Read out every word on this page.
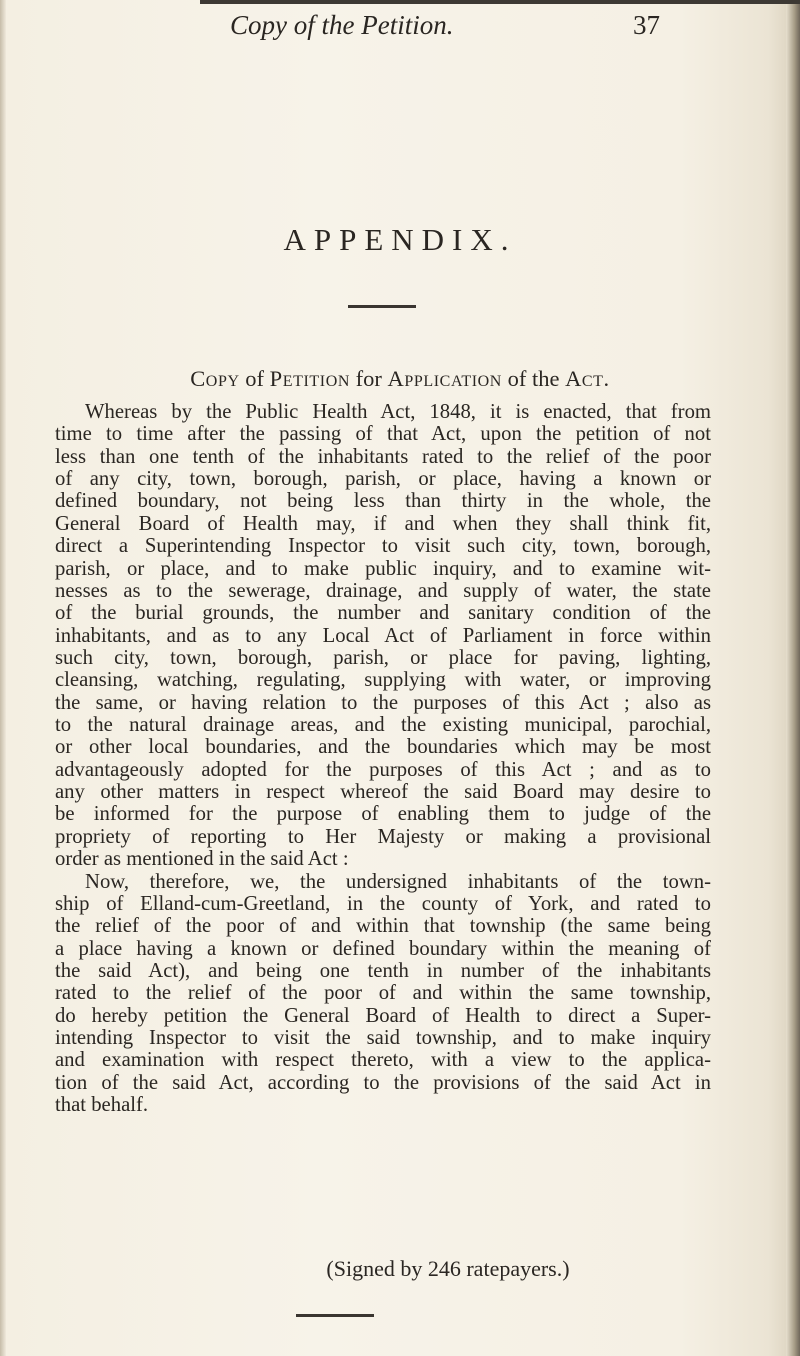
Copy of the Petition.	37
APPENDIX.
Copy of Petition for Application of the Act.
Whereas by the Public Health Act, 1848, it is enacted, that from
time to time after the passing of that Act, upon the petition of not
less than one tenth of the inhabitants rated to the relief of the poor
of any city, town, borough, parish, or place, having a known or
defined boundary, not being less than thirty in the whole, the
General Board of Health may, if and when they shall think fit,
direct a Superintending Inspector to visit such city, town, borough,
parish, or place, and to make public inquiry, and to examine wit-
nesses as to the sewerage, drainage, and supply of water, the state
of the burial grounds, the number and sanitary condition of the
inhabitants, and as to any Local Act of Parliament in force within
such city, town, borough, parish, or place for paving, lighting,
cleansing, watching, regulating, supplying with water, or improving
the same, or having relation to the purposes of this Act ; also as
to the natural drainage areas, and the existing municipal, parochial,
or other local boundaries, and the boundaries which may be most
advantageously adopted for the purposes of this Act ; and as to
any other matters in respect whereof the said Board may desire to
be informed for the purpose of enabling them to judge of the
propriety of reporting to Her Majesty or making a provisional
order as mentioned in the said Act :
Now, therefore, we, the undersigned inhabitants of the town-
ship of Elland-cum-Greetland, in the county of York, and rated to
the relief of the poor of and within that township (the same being
a place having a known or defined boundary within the meaning of
the said Act), and being one tenth in number of the inhabitants
rated to the relief of the poor of and within the same township,
do hereby petition the General Board of Health to direct a Super-
intending Inspector to visit the said township, and to make inquiry
and examination with respect thereto, with a view to the applica-
tion of the said Act, according to the provisions of the said Act in
that behalf.
(Signed by 246 ratepayers.)
